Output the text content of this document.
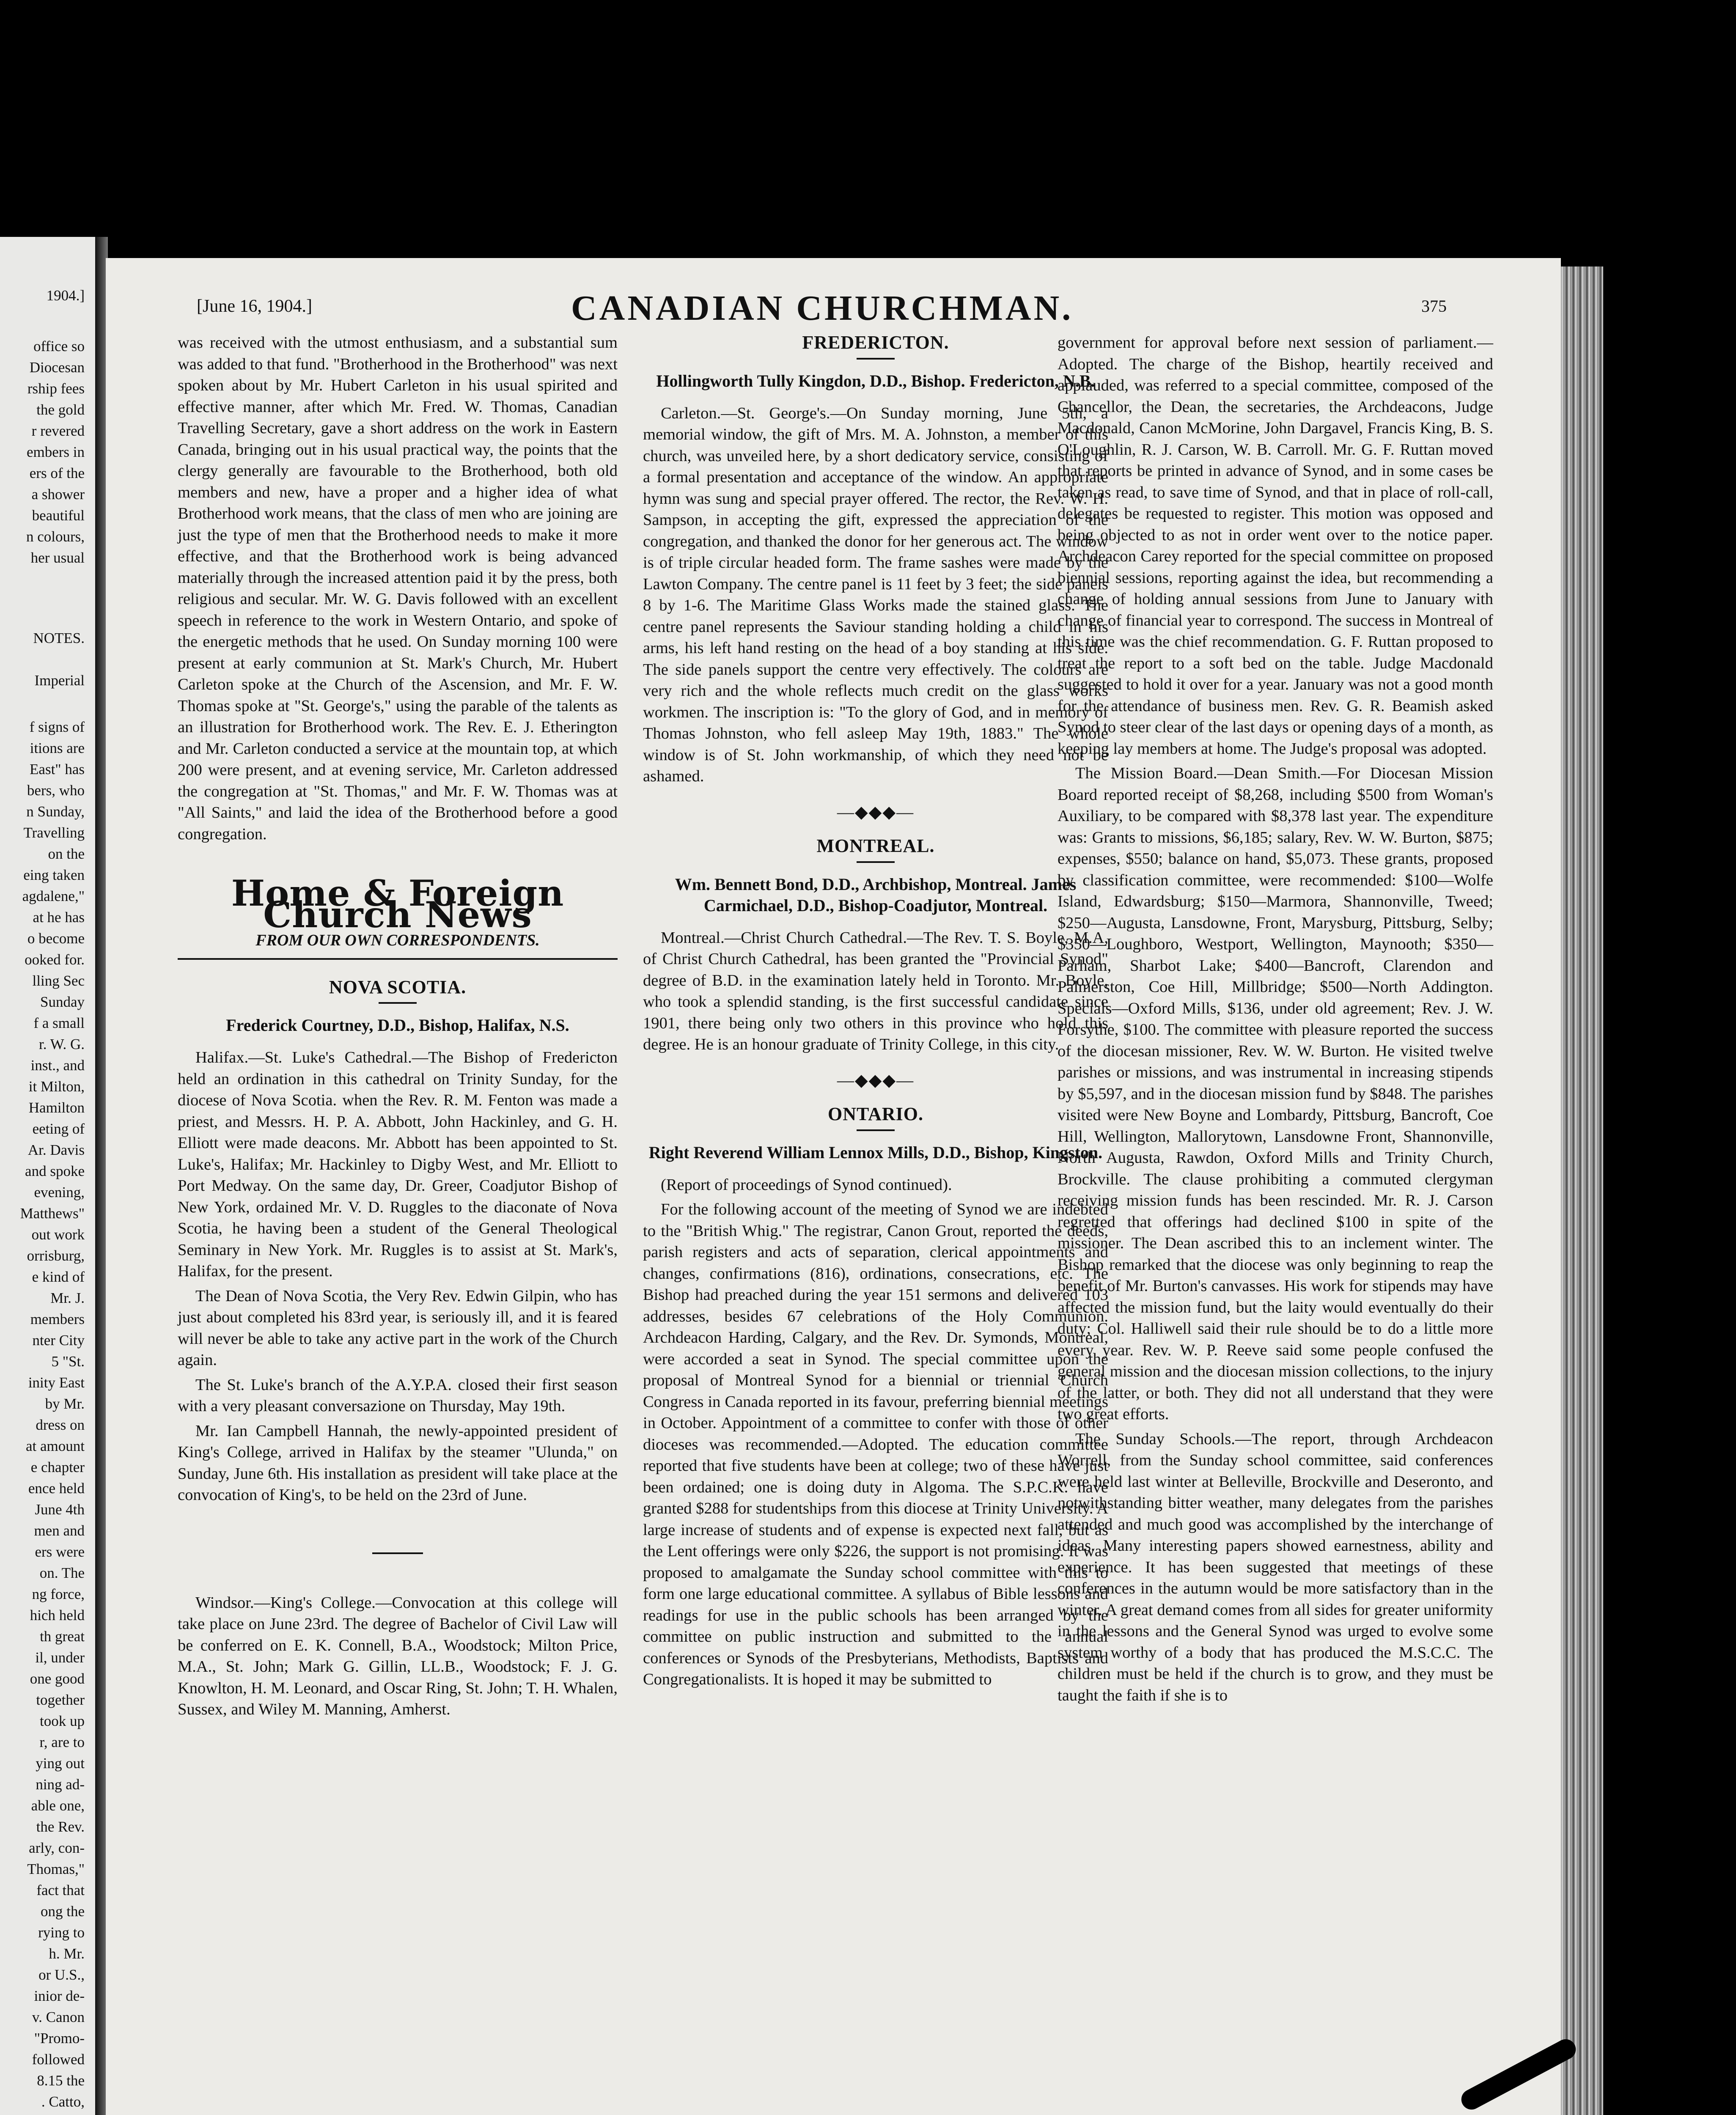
1904.]
office so
Diocesan
rship fees
the gold
r revered
embers in
ers of the
a shower
beautiful
n colours,
her usual
NOTES.
Imperial
f signs of
itions are
East" has
bers, who
n Sunday,
Travelling
on the
eing taken
agdalene,"
at he has
o become
ooked for.
lling Sec
Sunday
f a small
r. W. G.
inst., and
it Milton,
Hamilton
eeting of
Ar. Davis
and spoke
evening,
Matthews"
out work
orrisburg,
e kind of
Mr. J.
members
nter City
5 "St.
inity East
by Mr.
dress on
at amount
e chapter
ence held
June 4th
men and
ers were
on. The
ng force,
hich held
th great
il, under
one good
together
took up
r, are to
ying out
ning ad-
able one,
the Rev.
arly, con-
Thomas,"
fact that
ong the
rying to
h. Mr.
or U.S.,
inior de-
v. Canon
"Promo-
followed
8.15 the
. Catto,
[June 16, 1904.]	CANADIAN CHURCHMAN.	375

was received with the utmost enthusiasm, and a substantial sum was added to that fund. "Brotherhood in the Brotherhood" was next spoken about by Mr. Hubert Carleton in his usual spirited and effective manner, after which Mr. Fred. W. Thomas, Canadian Travelling Secretary, gave a short address on the work in Eastern Canada, bringing out in his usual practical way, the points that the clergy generally are favourable to the Brotherhood, both old members and new, have a proper and a higher idea of what Brotherhood work means, that the class of men who are joining are just the type of men that the Brotherhood needs to make it more effective, and that the Brotherhood work is being advanced materially through the increased attention paid it by the press, both religious and secular. Mr. W. G. Davis followed with an excellent speech in reference to the work in Western Ontario, and spoke of the energetic methods that he used. On Sunday morning 100 were present at early communion at St. Mark's Church, Mr. Hubert Carleton spoke at the Church of the Ascension, and Mr. F. W. Thomas spoke at "St. George's," using the parable of the talents as an illustration for Brotherhood work. The Rev. E. J. Etherington and Mr. Carleton conducted a service at the mountain top, at which 200 were present, and at evening service, Mr. Carleton addressed the congregation at "St. Thomas," and Mr. F. W. Thomas was at "All Saints," and laid the idea of the Brotherhood before a good congregation.

Home & Foreign Church News
FROM OUR OWN CORRESPONDENTS.
NOVA SCOTIA.
Frederick Courtney, D.D., Bishop, Halifax, N.S.

Halifax.—St. Luke's Cathedral.—The Bishop of Fredericton held an ordination in this cathedral on Trinity Sunday, for the diocese of Nova Scotia. when the Rev. R. M. Fenton was made a priest, and Messrs. H. P. A. Abbott, John Hackinley, and G. H. Elliott were made deacons. Mr. Abbott has been appointed to St. Luke's, Halifax; Mr. Hackinley to Digby West, and Mr. Elliott to Port Medway. On the same day, Dr. Greer, Coadjutor Bishop of New York, ordained Mr. V. D. Ruggles to the diaconate of Nova Scotia, he having been a student of the General Theological Seminary in New York. Mr. Ruggles is to assist at St. Mark's, Halifax, for the present.

The Dean of Nova Scotia, the Very Rev. Edwin Gilpin, who has just about completed his 83rd year, is seriously ill, and it is feared will never be able to take any active part in the work of the Church again.

The St. Luke's branch of the A.Y.P.A. closed their first season with a very pleasant conversazione on Thursday, May 19th.

Mr. Ian Campbell Hannah, the newly-appointed president of King's College, arrived in Halifax by the steamer "Ulunda," on Sunday, June 6th. His installation as president will take place at the convocation of King's, to be held on the 23rd of June.

Windsor.—King's College.—Convocation at this college will take place on June 23rd. The degree of Bachelor of Civil Law will be conferred on E. K. Connell, B.A., Woodstock; Milton Price, M.A., St. John; Mark G. Gillin, LL.B., Woodstock; F. J. G. Knowlton, H. M. Leonard, and Oscar Ring, St. John; T. H. Whalen, Sussex, and Wiley M. Manning, Amherst.

FREDERICTON.
Hollingworth Tully Kingdon, D.D., Bishop. Fredericton, N.B.

Carleton.—St. George's.—On Sunday morning, June 5th, a memorial window, the gift of Mrs. M. A. Johnston, a member of this church, was unveiled here, by a short dedicatory service, consisting of a formal presentation and acceptance of the window. An appropriate hymn was sung and special prayer offered. The rector, the Rev. W. H. Sampson, in accepting the gift, expressed the appreciation of the congregation, and thanked the donor for her generous act. The window is of triple circular headed form. The frame sashes were made by the Lawton Company. The centre panel is 11 feet by 3 feet; the side panels 8 by 1-6. The Maritime Glass Works made the stained glass. The centre panel represents the Saviour standing holding a child in his arms, his left hand resting on the head of a boy standing at his side. The side panels support the centre very effectively. The colours are very rich and the whole reflects much credit on the glass works workmen. The inscription is: "To the glory of God, and in memory of Thomas Johnston, who fell asleep May 19th, 1883." The whole window is of St. John workmanship, of which they need not be ashamed.

—◆◆◆—
MONTREAL.
Wm. Bennett Bond, D.D., Archbishop, Montreal. James Carmichael, D.D., Bishop-Coadjutor, Montreal.

Montreal.—Christ Church Cathedral.—The Rev. T. S. Boyle, M.A, of Christ Church Cathedral, has been granted the "Provincial Synod" degree of B.D. in the examination lately held in Toronto. Mr. Boyle, who took a splendid standing, is the first successful candidate since 1901, there being only two others in this province who hold this degree. He is an honour graduate of Trinity College, in this city.

—◆◆◆—
ONTARIO.
Right Reverend William Lennox Mills, D.D., Bishop, Kingston.

(Report of proceedings of Synod continued).

For the following account of the meeting of Synod we are indebted to the "British Whig." The registrar, Canon Grout, reported the deeds, parish registers and acts of separation, clerical appointments and changes, confirmations (816), ordinations, consecrations, etc. The Bishop had preached during the year 151 sermons and delivered 103 addresses, besides 67 celebrations of the Holy Communion. Archdeacon Harding, Calgary, and the Rev. Dr. Symonds, Montreal, were accorded a seat in Synod. The special committee upon the proposal of Montreal Synod for a biennial or triennial Church Congress in Canada reported in its favour, preferring biennial meetings in October. Appointment of a committee to confer with those of other dioceses was recommended.—Adopted. The education committee reported that five students have been at college; two of these have just been ordained; one is doing duty in Algoma. The S.P.C.K. have granted $288 for studentships from this diocese at Trinity University. A large increase of students and of expense is expected next fall, but as the Lent offerings were only $226, the support is not promising. It was proposed to amalgamate the Sunday school committee with this to form one large educational committee. A syllabus of Bible lessons and readings for use in the public schools has been arranged by the committee on public instruction and submitted to the annual conferences or Synods of the Presbyterians, Methodists, Baptists and Congregationalists. It is hoped it may be submitted to

government for approval before next session of parliament.—Adopted. The charge of the Bishop, heartily received and applauded, was referred to a special committee, composed of the Chancellor, the Dean, the secretaries, the Archdeacons, Judge Macdonald, Canon McMorine, John Dargavel, Francis King, B. S. O'Loughlin, R. J. Carson, W. B. Carroll. Mr. G. F. Ruttan moved that reports be printed in advance of Synod, and in some cases be taken as read, to save time of Synod, and that in place of roll-call, delegates be requested to register. This motion was opposed and being objected to as not in order went over to the notice paper. Archdeacon Carey reported for the special committee on proposed biennial sessions, reporting against the idea, but recommending a change of holding annual sessions from June to January with change of financial year to correspond. The success in Montreal of this time was the chief recommendation. G. F. Ruttan proposed to treat the report to a soft bed on the table. Judge Macdonald suggested to hold it over for a year. January was not a good month for the attendance of business men. Rev. G. R. Beamish asked Synod to steer clear of the last days or opening days of a month, as keeping lay members at home. The Judge's proposal was adopted.

The Mission Board.—Dean Smith.—For Diocesan Mission Board reported receipt of $8,268, including $500 from Woman's Auxiliary, to be compared with $8,378 last year. The expenditure was: Grants to missions, $6,185; salary, Rev. W. W. Burton, $875; expenses, $550; balance on hand, $5,073. These grants, proposed by classification committee, were recommended: $100—Wolfe Island, Edwardsburg; $150—Marmora, Shannonville, Tweed; $250—Augusta, Lansdowne, Front, Marysburg, Pittsburg, Selby; $350—Loughboro, Westport, Wellington, Maynooth; $350—Parham, Sharbot Lake; $400—Bancroft, Clarendon and Palmerston, Coe Hill, Millbridge; $500—North Addington. Specials—Oxford Mills, $136, under old agreement; Rev. J. W. Forsythe, $100. The committee with pleasure reported the success of the diocesan missioner, Rev. W. W. Burton. He visited twelve parishes or missions, and was instrumental in increasing stipends by $5,597, and in the diocesan mission fund by $848. The parishes visited were New Boyne and Lombardy, Pittsburg, Bancroft, Coe Hill, Wellington, Mallorytown, Lansdowne Front, Shannonville, North Augusta, Rawdon, Oxford Mills and Trinity Church, Brockville. The clause prohibiting a commuted clergyman receiving mission funds has been rescinded. Mr. R. J. Carson regretted that offerings had declined $100 in spite of the missioner. The Dean ascribed this to an inclement winter. The Bishop remarked that the diocese was only beginning to reap the benefit of Mr. Burton's canvasses. His work for stipends may have affected the mission fund, but the laity would eventually do their duty; Col. Halliwell said their rule should be to do a little more every year. Rev. W. P. Reeve said some people confused the general mission and the diocesan mission collections, to the injury of the latter, or both. They did not all understand that they were two great efforts.

The Sunday Schools.—The report, through Archdeacon Worrell, from the Sunday school committee, said conferences were held last winter at Belleville, Brockville and Deseronto, and notwithstanding bitter weather, many delegates from the parishes attended and much good was accomplished by the interchange of ideas. Many interesting papers showed earnestness, ability and experience. It has been suggested that meetings of these conferences in the autumn would be more satisfactory than in the winter. A great demand comes from all sides for greater uniformity in the lessons and the General Synod was urged to evolve some system worthy of a body that has produced the M.S.C.C. The children must be held if the church is to grow, and they must be taught the faith if she is to
